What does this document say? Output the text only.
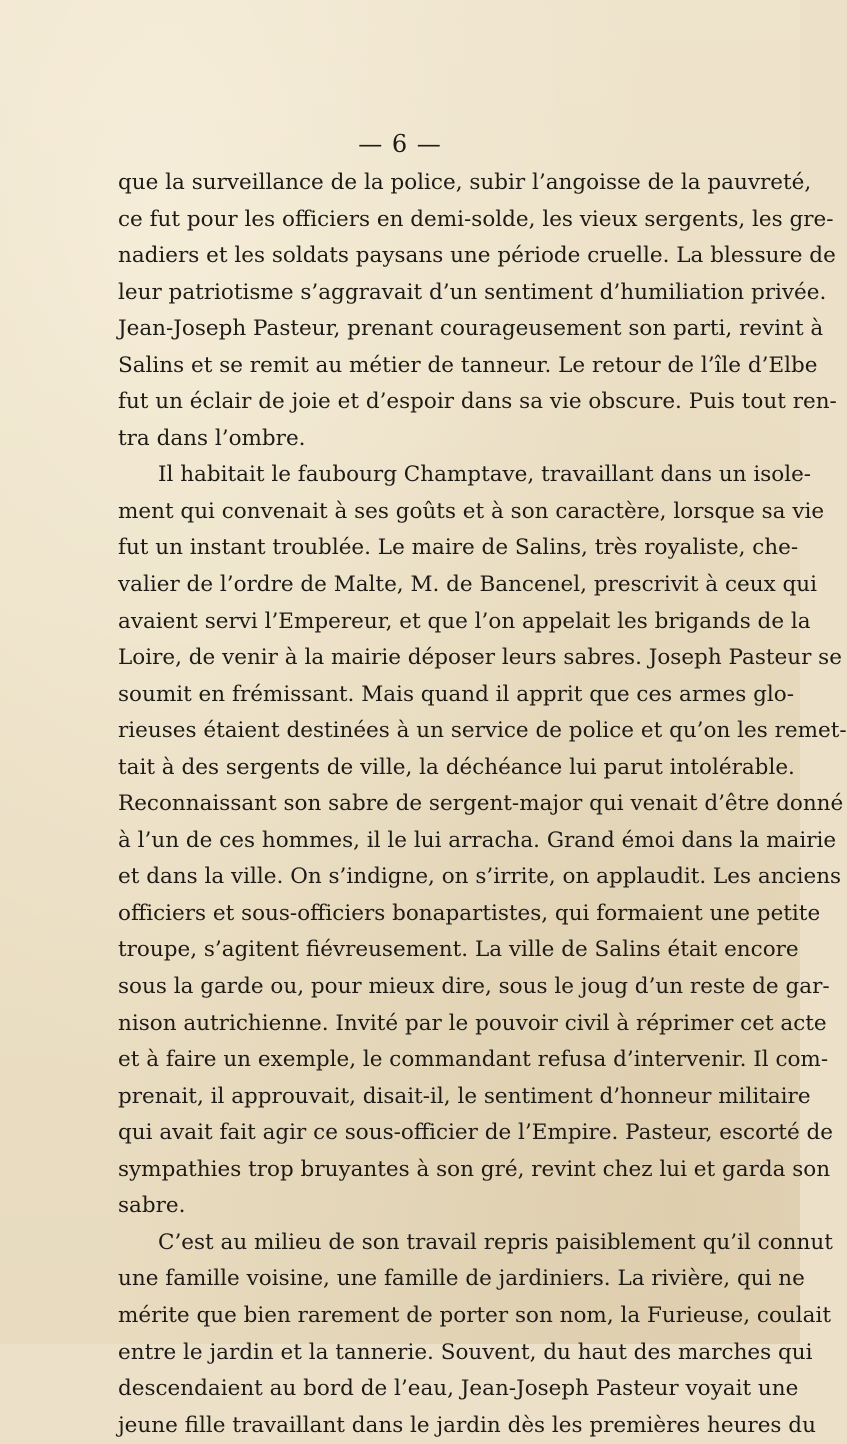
— 6 —
que la surveillance de la police, subir l’angoisse de la pauvreté,
ce fut pour les officiers en demi-solde, les vieux sergents, les gre-
nadiers et les soldats paysans une période cruelle. La blessure de
leur patriotisme s’aggravait d’un sentiment d’humiliation privée.
Jean-Joseph Pasteur, prenant courageusement son parti, revint à
Salins et se remit au métier de tanneur. Le retour de l’île d’Elbe
fut un éclair de joie et d’espoir dans sa vie obscure. Puis tout ren-
tra dans l’ombre.
Il habitait le faubourg Champtave, travaillant dans un isole-
ment qui convenait à ses goûts et à son caractère, lorsque sa vie
fut un instant troublée. Le maire de Salins, très royaliste, che-
valier de l’ordre de Malte, M. de Bancenel, prescrivit à ceux qui
avaient servi l’Empereur, et que l’on appelait les brigands de la
Loire, de venir à la mairie déposer leurs sabres. Joseph Pasteur se
soumit en frémissant. Mais quand il apprit que ces armes glo-
rieuses étaient destinées à un service de police et qu’on les remet-
tait à des sergents de ville, la déchéance lui parut intolérable.
Reconnaissant son sabre de sergent-major qui venait d’être donné
à l’un de ces hommes, il le lui arracha. Grand émoi dans la mairie
et dans la ville. On s’indigne, on s’irrite, on applaudit. Les anciens
officiers et sous-officiers bonapartistes, qui formaient une petite
troupe, s’agitent fiévreusement. La ville de Salins était encore
sous la garde ou, pour mieux dire, sous le joug d’un reste de gar-
nison autrichienne. Invité par le pouvoir civil à réprimer cet acte
et à faire un exemple, le commandant refusa d’intervenir. Il com-
prenait, il approuvait, disait-il, le sentiment d’honneur militaire
qui avait fait agir ce sous-officier de l’Empire. Pasteur, escorté de
sympathies trop bruyantes à son gré, revint chez lui et garda son
sabre.
C’est au milieu de son travail repris paisiblement qu’il connut
une famille voisine, une famille de jardiniers. La rivière, qui ne
mérite que bien rarement de porter son nom, la Furieuse, coulait
entre le jardin et la tannerie. Souvent, du haut des marches qui
descendaient au bord de l’eau, Jean-Joseph Pasteur voyait une
jeune fille travaillant dans le jardin dès les premières heures du
